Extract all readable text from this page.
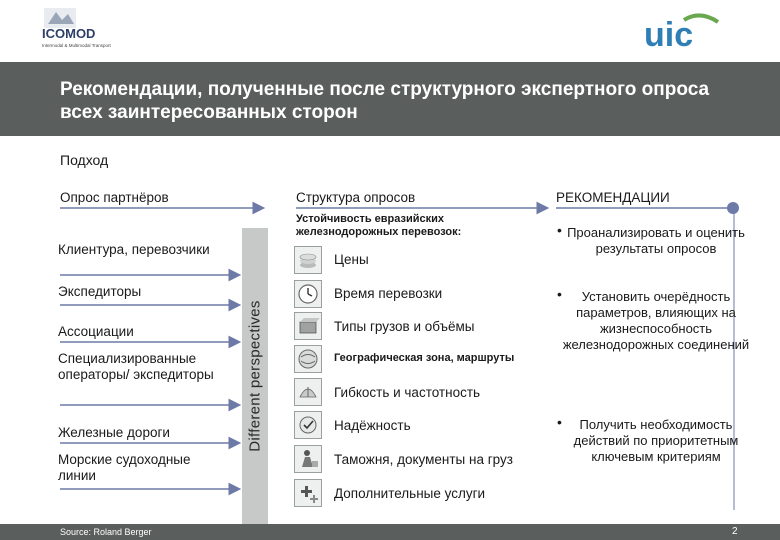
ICOMOD
Intermodal & Multimodal Transport	uic
Рекомендации, полученные после структурного экспертного опроса всех заинтересованных сторон
Подход
Опрос партнёров	Структура опросов	РЕКОМЕНДАЦИИ
Клиентура, перевозчики
Экспедиторы
Ассоциации
Специализированные операторы/ экспедиторы
Железные дороги
Морские судоходные линии
Different perspectives
Устойчивость евразийских железнодорожных перевозок:
Цены
Время перевозки
Типы грузов и объёмы
Географическая зона, маршруты
Гибкость и частотность
Надёжность
Таможня, документы на груз
Дополнительные услуги
• Проанализировать и оценить результаты опросов
•	Установить очерёдность параметров, влияющих на жизнеспособность железнодорожных соединений
•	Получить необходимость действий по приоритетным ключевым критериям
Source: Roland Berger	2
